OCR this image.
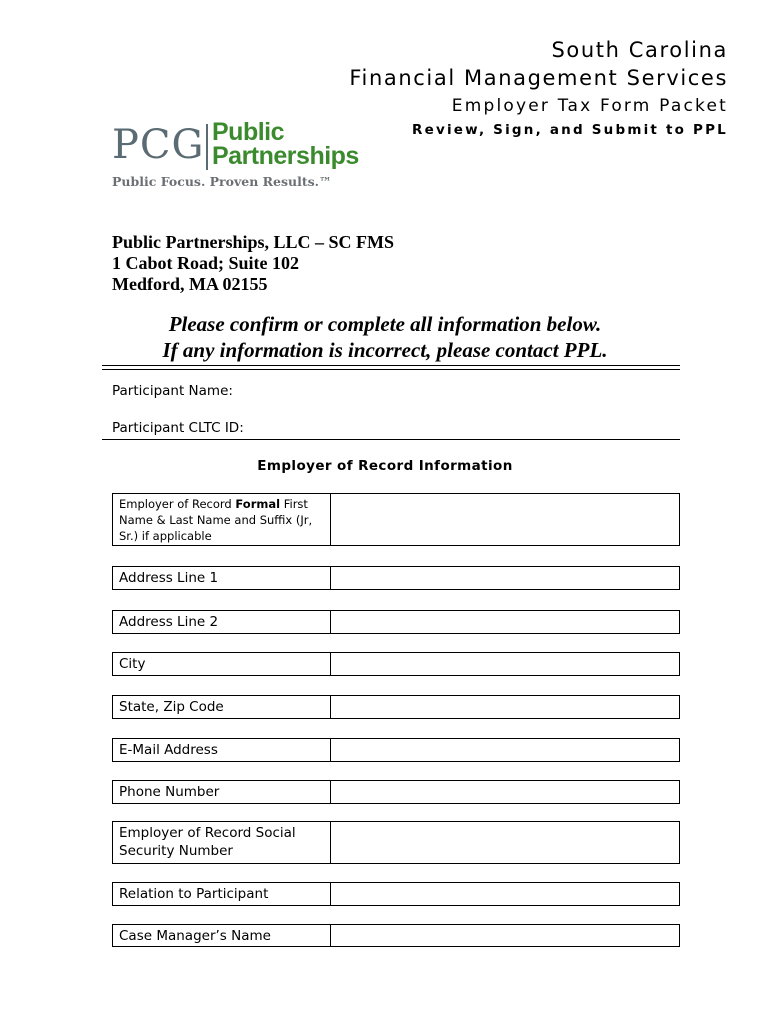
South Carolina
Financial Management Services
Employer Tax Form Packet
Review, Sign, and Submit to PPL
PCG Public
Partnerships
Public Focus. Proven Results.™
Public Partnerships, LLC – SC FMS
1 Cabot Road; Suite 102
Medford, MA 02155
Please confirm or complete all information below.
If any information is incorrect, please contact PPL.
Participant Name:
Participant CLTC ID:
Employer of Record Information
Employer of Record Formal First Name & Last Name and Suffix (Jr, Sr.) if applicable
Address Line 1
Address Line 2
City
State, Zip Code
E-Mail Address
Phone Number
Employer of Record Social Security Number
Relation to Participant
Case Manager’s Name
